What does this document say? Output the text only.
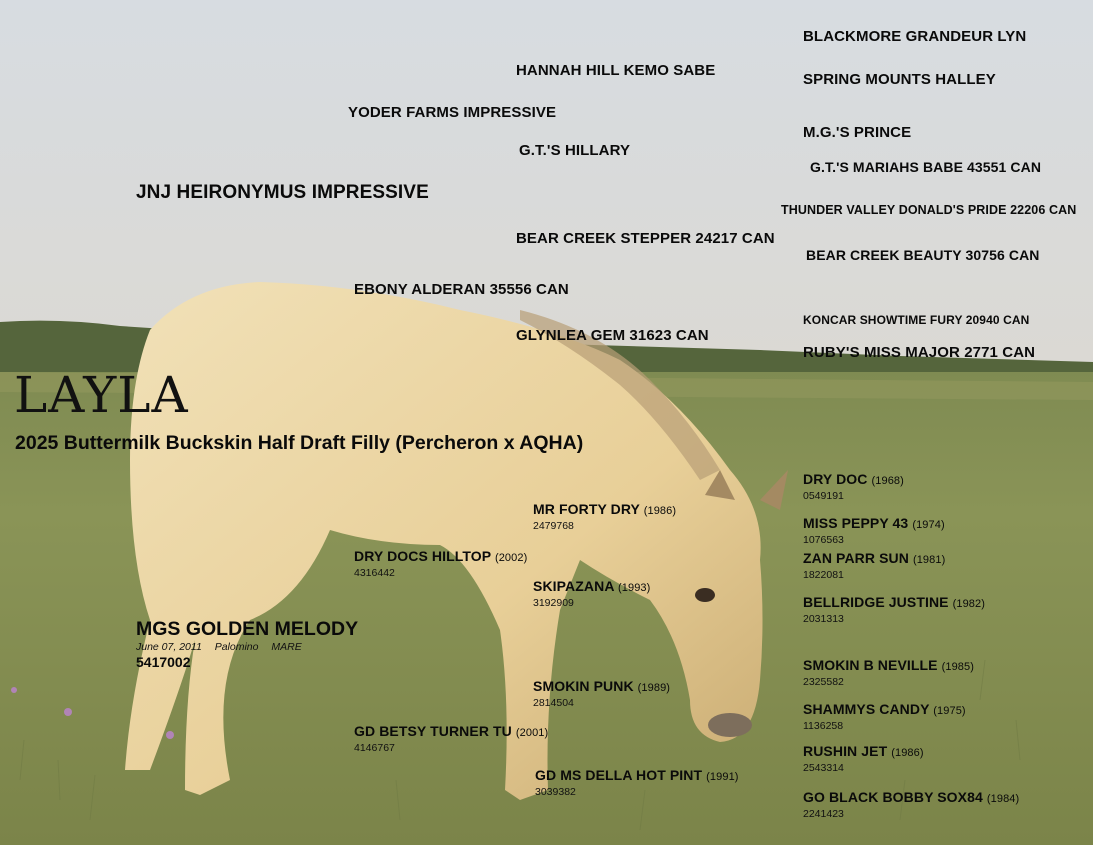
LAYLA
2025 Buttermilk Buckskin Half Draft Filly (Percheron x AQHA)
JNJ HEIRONYMUS IMPRESSIVE
YODER FARMS IMPRESSIVE
HANNAH HILL KEMO SABE
G.T.'S HILLARY
BLACKMORE GRANDEUR LYN
SPRING MOUNTS HALLEY
M.G.'S PRINCE
G.T.'S MARIAHS BABE 43551 CAN
EBONY ALDERAN 35556 CAN
BEAR CREEK STEPPER 24217 CAN
GLYNLEA GEM 31623 CAN
THUNDER VALLEY DONALD'S PRIDE 22206 CAN
BEAR CREEK BEAUTY 30756 CAN
KONCAR SHOWTIME FURY 20940 CAN
RUBY'S MISS MAJOR 2771 CAN
MGS GOLDEN MELODY
June 07, 2011 Palomino MARE
5417002
DRY DOCS HILLTOP (2002)
4316442
GD BETSY TURNER TU (2001)
4146767
MR FORTY DRY (1986)
2479768
SKIPAZANA (1993)
3192909
SMOKIN PUNK (1989)
2814504
GD MS DELLA HOT PINT (1991)
3039382
DRY DOC (1968)
0549191
MISS PEPPY 43 (1974)
1076563
ZAN PARR SUN (1981)
1822081
BELLRIDGE JUSTINE (1982)
2031313
SMOKIN B NEVILLE (1985)
2325582
SHAMMYS CANDY (1975)
1136258
RUSHIN JET (1986)
2543314
GO BLACK BOBBY SOX84 (1984)
2241423
